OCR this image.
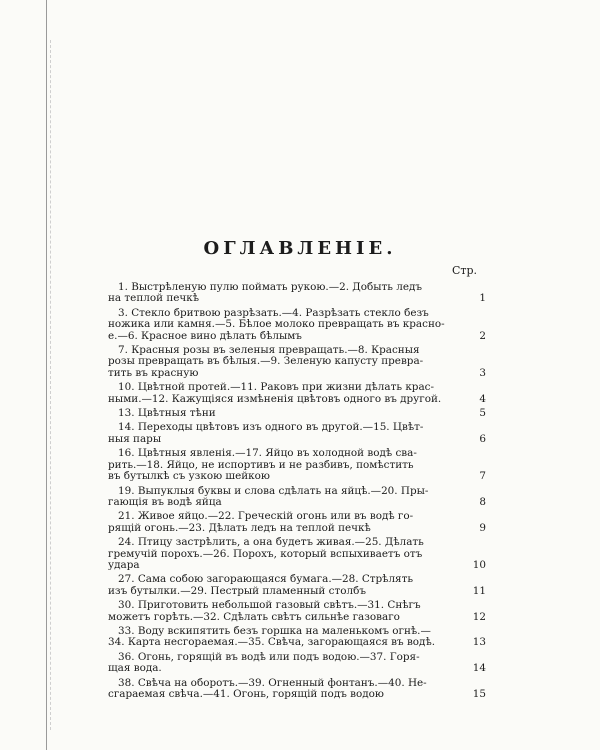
ОГЛАВЛЕНІЕ.
Стр.
1. Выстрѣленую пулю поймать рукою.—2. Добыть ледъ
на теплой печкѣ	1
3. Стекло бритвою разрѣзать.—4. Разрѣзать стекло безъ
ножика или камня.—5. Бѣлое молоко превращать въ красно-
е.—6. Красное вино дѣлать бѣлымъ	2
7. Красныя розы въ зеленыя превращать.—8. Красныя
розы превращать въ бѣлыя.—9. Зеленую капусту превра-
тить въ красную	3
10. Цвѣтной протей.—11. Раковъ при жизни дѣлать крас-
ными.—12. Кажущіяся измѣненія цвѣтовъ одного въ другой.	4
13. Цвѣтныя тѣни	5
14. Переходы цвѣтовъ изъ одного въ другой.—15. Цвѣт-
ныя пары	6
16. Цвѣтныя явленія.—17. Яйцо въ холодной водѣ сва-
рить.—18. Яйцо, не испортивъ и не разбивъ, помѣстить
въ бутылкѣ съ узкою шейкою	7
19. Выпуклыя буквы и слова сдѣлать на яйцѣ.—20. Пры-
гающія въ водѣ яйца	8
21. Живое яйцо.—22. Греческій огонь или въ водѣ го-
рящій огонь.—23. Дѣлать ледъ на теплой печкѣ	9
24. Птицу застрѣлить, а она будетъ живая.—25. Дѣлать
гремучій порохъ.—26. Порохъ, который вспыхиваетъ отъ
удара	10
27. Сама собою загорающаяся бумага.—28. Стрѣлять
изъ бутылки.—29. Пестрый пламенный столбъ	11
30. Приготовить небольшой газовый свѣтъ.—31. Снѣгъ
можетъ горѣть.—32. Сдѣлать свѣтъ сильнѣе газоваго	12
33. Воду вскипятить безъ горшка на маленькомъ огнѣ.—
34. Карта несгораемая.—35. Свѣча, загорающаяся въ водѣ.	13
36. Огонь, горящій въ водѣ или подъ водою.—37. Горя-
щая вода.	14
38. Свѣча на оборотъ.—39. Огненный фонтанъ.—40. Не-
сгараемая свѣча.—41. Огонь, горящій подъ водою	15
